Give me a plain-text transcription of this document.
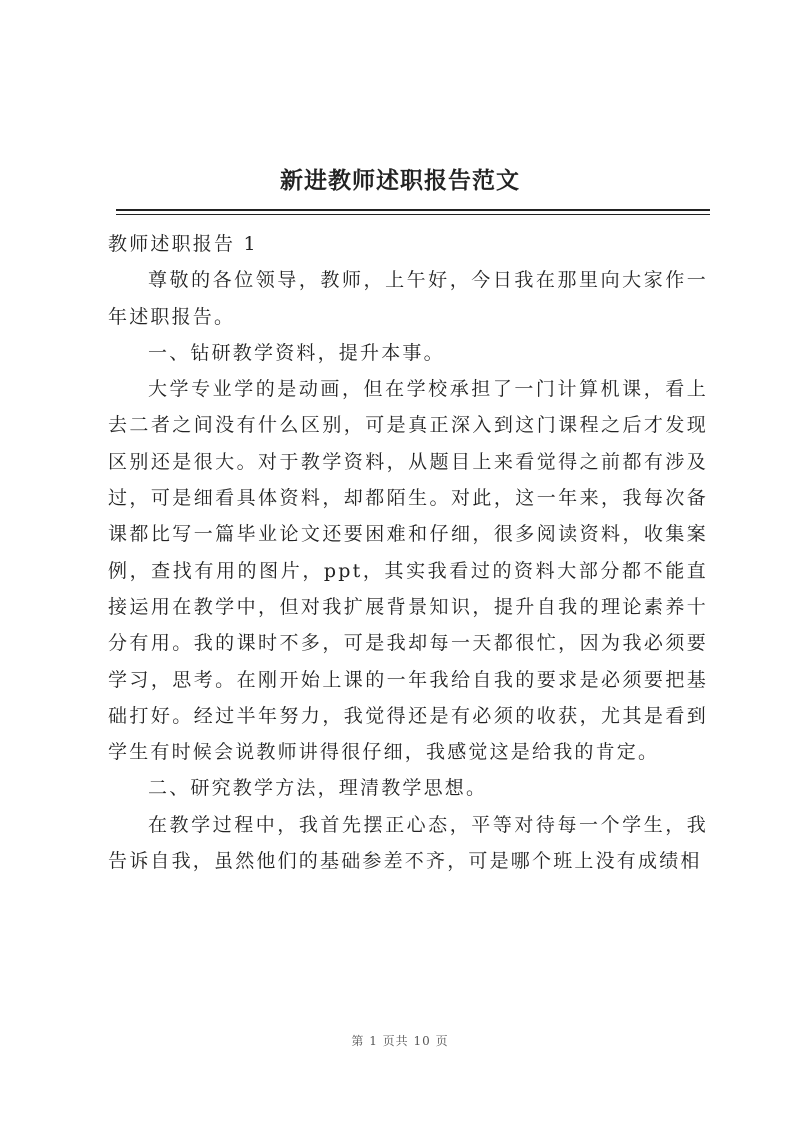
新进教师述职报告范文

教师述职报告 1

尊敬的各位领导，教师，上午好，今日我在那里向大家作一年述职报告。

一、钻研教学资料，提升本事。

大学专业学的是动画，但在学校承担了一门计算机课，看上去二者之间没有什么区别，可是真正深入到这门课程之后才发现区别还是很大。对于教学资料，从题目上来看觉得之前都有涉及过，可是细看具体资料，却都陌生。对此，这一年来，我每次备课都比写一篇毕业论文还要困难和仔细，很多阅读资料，收集案例，查找有用的图片，ppt，其实我看过的资料大部分都不能直接运用在教学中，但对我扩展背景知识，提升自我的理论素养十分有用。我的课时不多，可是我却每一天都很忙，因为我必须要学习，思考。在刚开始上课的一年我给自我的要求是必须要把基础打好。经过半年努力，我觉得还是有必须的收获，尤其是看到学生有时候会说教师讲得很仔细，我感觉这是给我的肯定。

二、研究教学方法，理清教学思想。

在教学过程中，我首先摆正心态，平等对待每一个学生，我告诉自我，虽然他们的基础参差不齐，可是哪个班上没有成绩相

第 1 页共 10 页
